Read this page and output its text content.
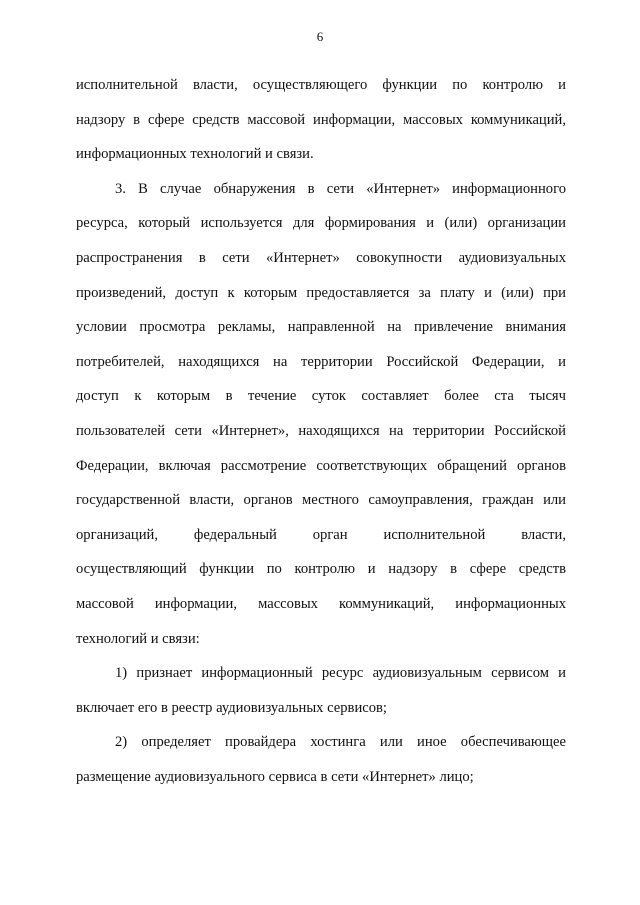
6
исполнительной власти, осуществляющего функции по контролю и
надзору в сфере средств массовой информации, массовых коммуникаций,
информационных технологий и связи.
3. В случае обнаружения в сети «Интернет» информационного
ресурса, который используется для формирования и (или) организации
распространения в сети «Интернет» совокупности аудиовизуальных
произведений, доступ к которым предоставляется за плату и (или) при
условии просмотра рекламы, направленной на привлечение внимания
потребителей, находящихся на территории Российской Федерации, и
доступ к которым в течение суток составляет более ста тысяч
пользователей сети «Интернет», находящихся на территории Российской
Федерации, включая рассмотрение соответствующих обращений органов
государственной власти, органов местного самоуправления, граждан или
организаций, федеральный орган исполнительной власти,
осуществляющий функции по контролю и надзору в сфере средств
массовой информации, массовых коммуникаций, информационных
технологий и связи:
1) признает информационный ресурс аудиовизуальным сервисом и
включает его в реестр аудиовизуальных сервисов;
2) определяет провайдера хостинга или иное обеспечивающее
размещение аудиовизуального сервиса в сети «Интернет» лицо;
